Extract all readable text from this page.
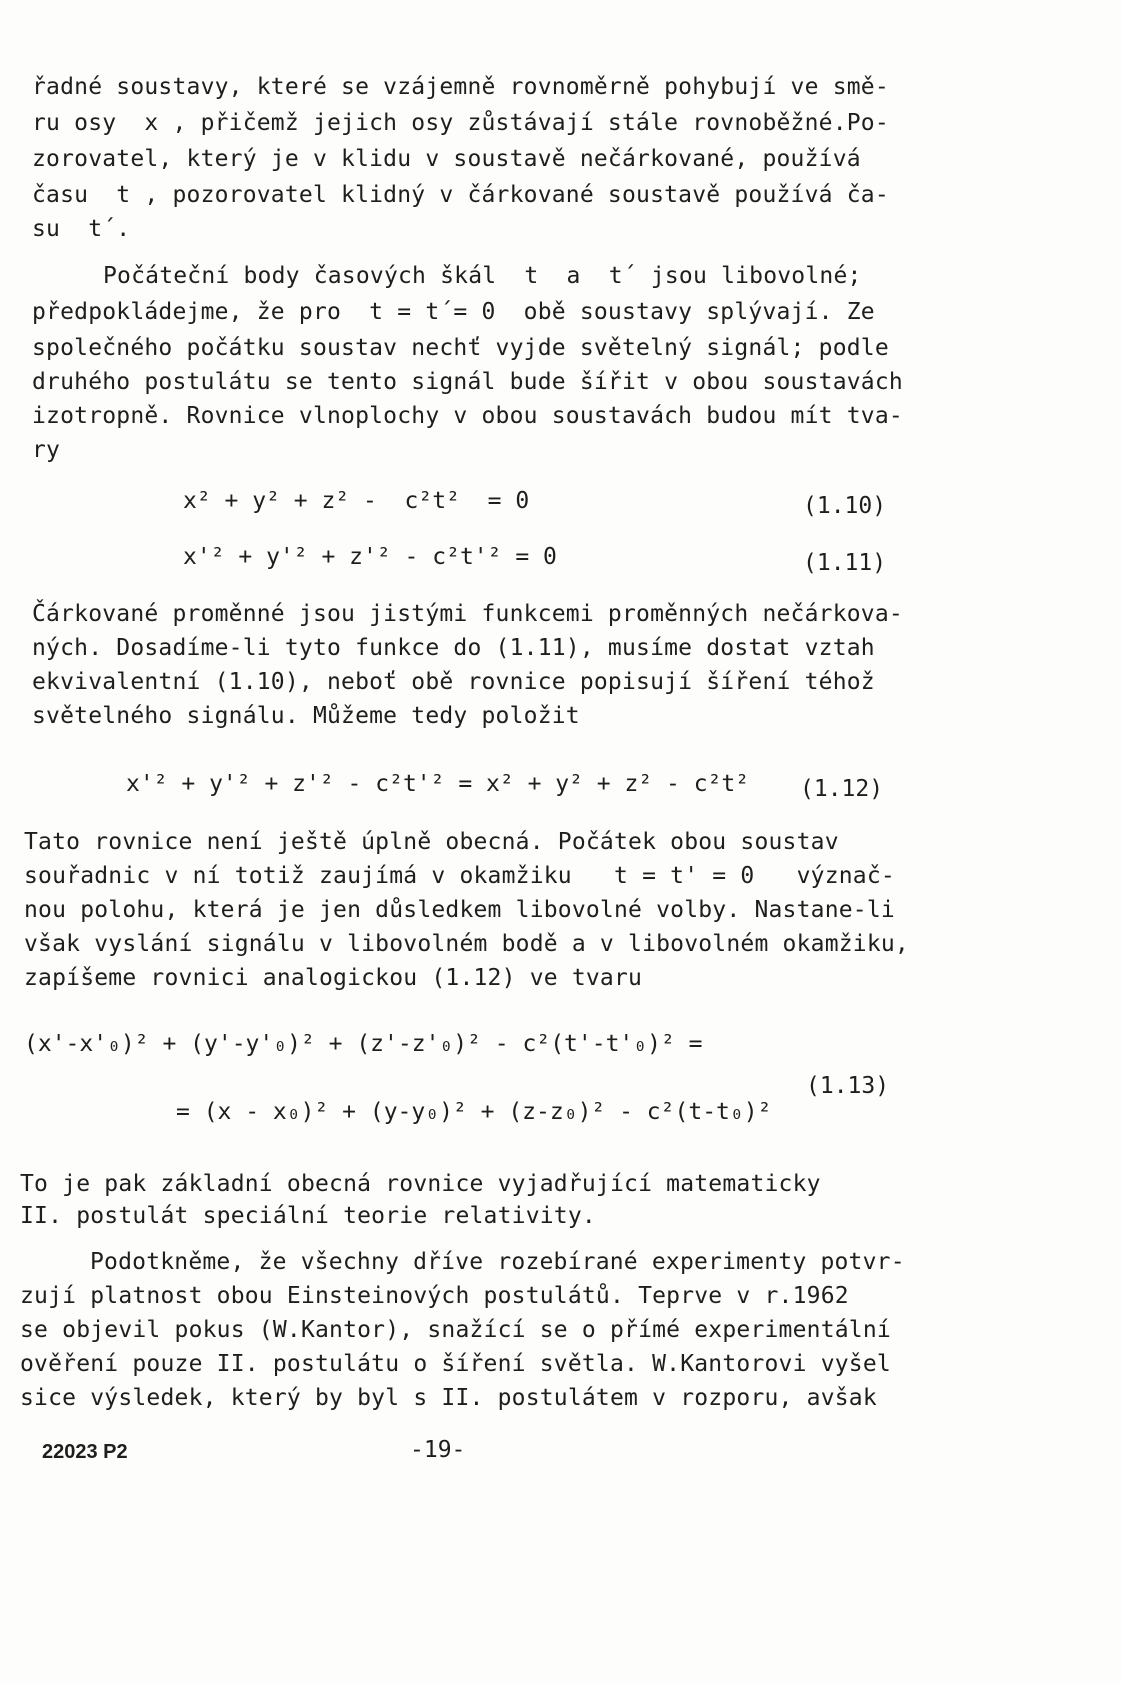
řadné soustavy, které se vzájemně rovnoměrně pohybují ve smě-
ru osy  x , přičemž jejich osy zůstávají stále rovnoběžné.Po-
zorovatel, který je v klidu v soustavě nečárkované, používá
času  t , pozorovatel klidný v čárkované soustavě používá ča-
su  t´.
Počáteční body časových škál  t  a  t´ jsou libovolné;
předpokládejme, že pro  t = t´= 0  obě soustavy splývají. Ze
společného počátku soustav nechť vyjde světelný signál; podle
druhého postulátu se tento signál bude šířit v obou soustavách
izotropně. Rovnice vlnoplochy v obou soustavách budou mít tva-
ry
x² + y² + z² -  c²t²  = 0	(1.10)
x'² + y'² + z'² - c²t'² = 0	(1.11)
Čárkované proměnné jsou jistými funkcemi proměnných nečárkova-
ných. Dosadíme-li tyto funkce do (1.11), musíme dostat vztah
ekvivalentní (1.10), neboť obě rovnice popisují šíření téhož
světelného signálu. Můžeme tedy položit
x'² + y'² + z'² - c²t'² = x² + y² + z² - c²t² (1.12)
Tato rovnice není ještě úplně obecná. Počátek obou soustav
souřadnic v ní totiž zaujímá v okamžiku   t = t' = 0   význač-
nou polohu, která je jen důsledkem libovolné volby. Nastane-li
však vyslání signálu v libovolném bodě a v libovolném okamžiku,
zapíšeme rovnici analogickou (1.12) ve tvaru
(x'-x'₀)² + (y'-y'₀)² + (z'-z'₀)² - c²(t'-t'₀)² =
(1.13)
= (x - x₀)² + (y-y₀)² + (z-z₀)² - c²(t-t₀)²
To je pak základní obecná rovnice vyjadřující matematicky
II. postulát speciální teorie relativity.
Podotkněme, že všechny dříve rozebírané experimenty potvr-
zují platnost obou Einsteinových postulátů. Teprve v r.1962
se objevil pokus (W.Kantor), snažící se o přímé experimentální
ověření pouze II. postulátu o šíření světla. W.Kantorovi vyšel
sice výsledek, který by byl s II. postulátem v rozporu, avšak
22023 P2	-19-
